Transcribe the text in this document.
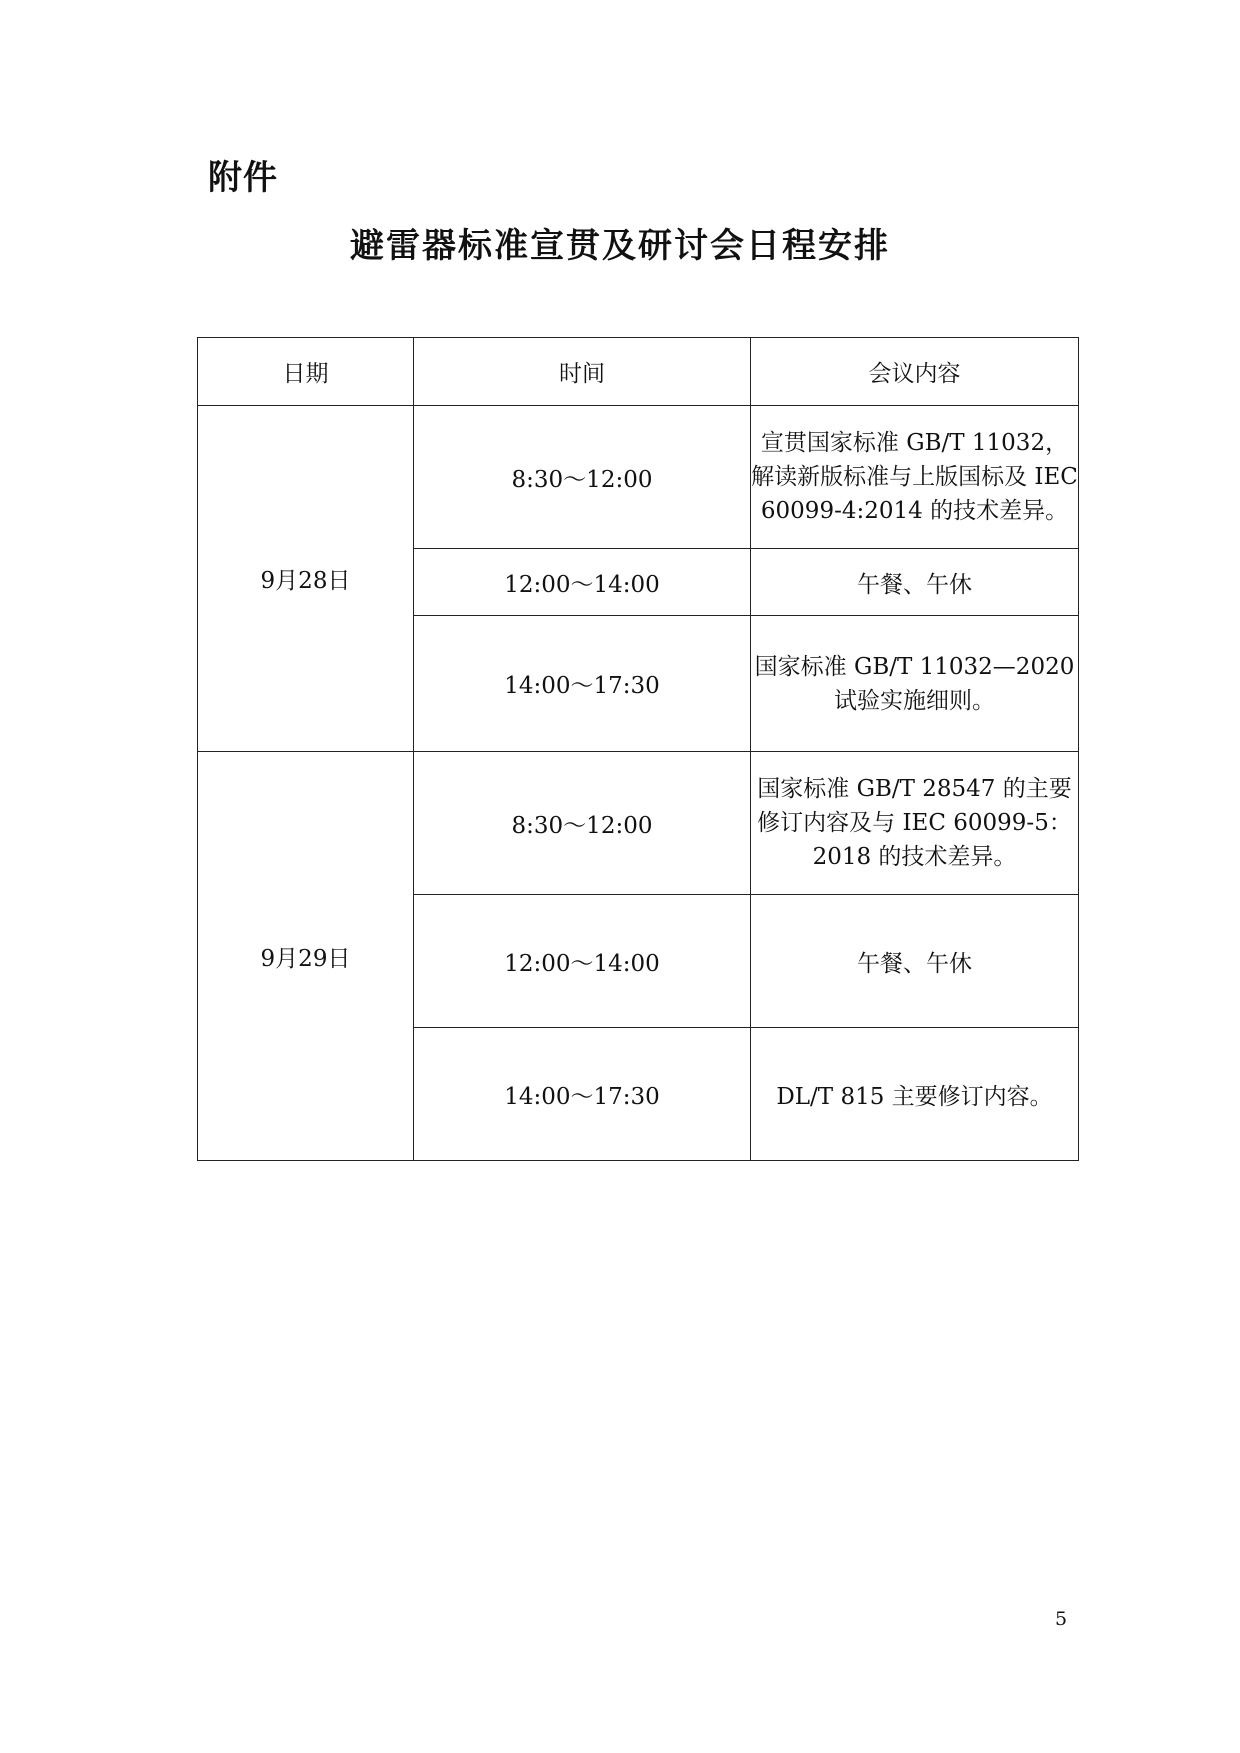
附件
避雷器标准宣贯及研讨会日程安排
日期	时间	会议内容
9月28日	8:30～12:00	宣贯国家标准 GB/T 11032，解读新版标准与上版国标及 IEC 60099-4:2014 的技术差异。
	12:00～14:00	午餐、午休
	14:00～17:30	国家标准 GB/T 11032—2020 试验实施细则。
9月29日	8:30～12:00	国家标准 GB/T 28547 的主要修订内容及与 IEC 60099-5：2018 的技术差异。
	12:00～14:00	午餐、午休
	14:00～17:30	DL/T 815 主要修订内容。
5
